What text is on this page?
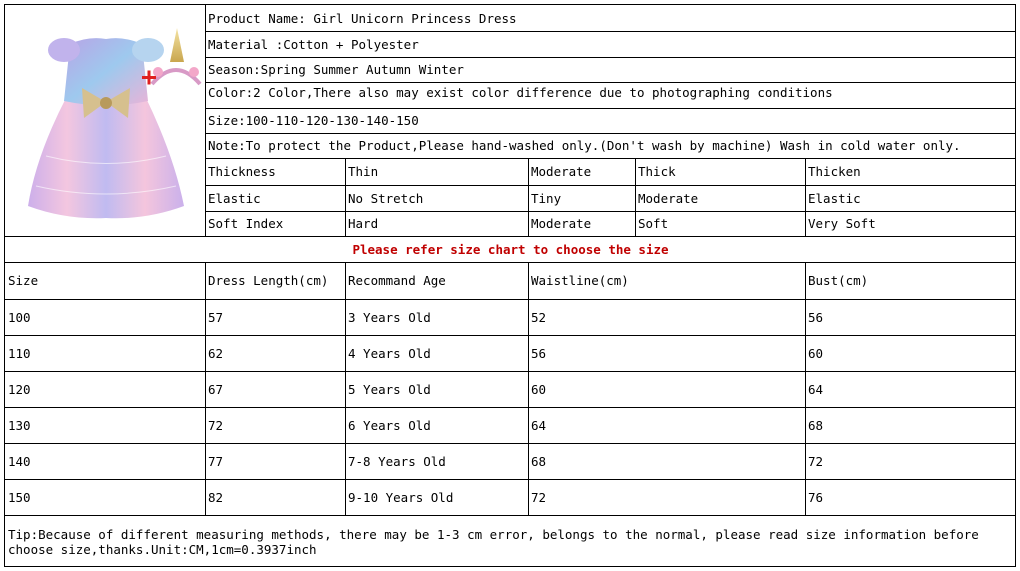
Product Name: Girl Unicorn Princess Dress
Material :Cotton + Polyester
Season:Spring Summer Autumn Winter
Color:2 Color,There also may exist color difference due to photographing conditions
Size:100-110-120-130-140-150
Note:To protect the Product,Please hand-washed only.(Don't wash by machine) Wash in cold water only.
Thickness	Thin	Moderate	Thick	Thicken
Elastic	No Stretch	Tiny	Moderate	Elastic
Soft Index	Hard	Moderate	Soft	Very Soft
Please refer size chart to choose the size
Size	Dress Length(cm)	Recommand Age	Waistline(cm)	Bust(cm)
100	57	3 Years Old	52	56
110	62	4 Years Old	56	60
120	67	5 Years Old	60	64
130	72	6 Years Old	64	68
140	77	7-8 Years Old	68	72
150	82	9-10 Years Old	72	76
Tip:Because of different measuring methods, there may be 1-3 cm error, belongs to the normal, please read size information before choose size,thanks.Unit:CM,1cm=0.3937inch
